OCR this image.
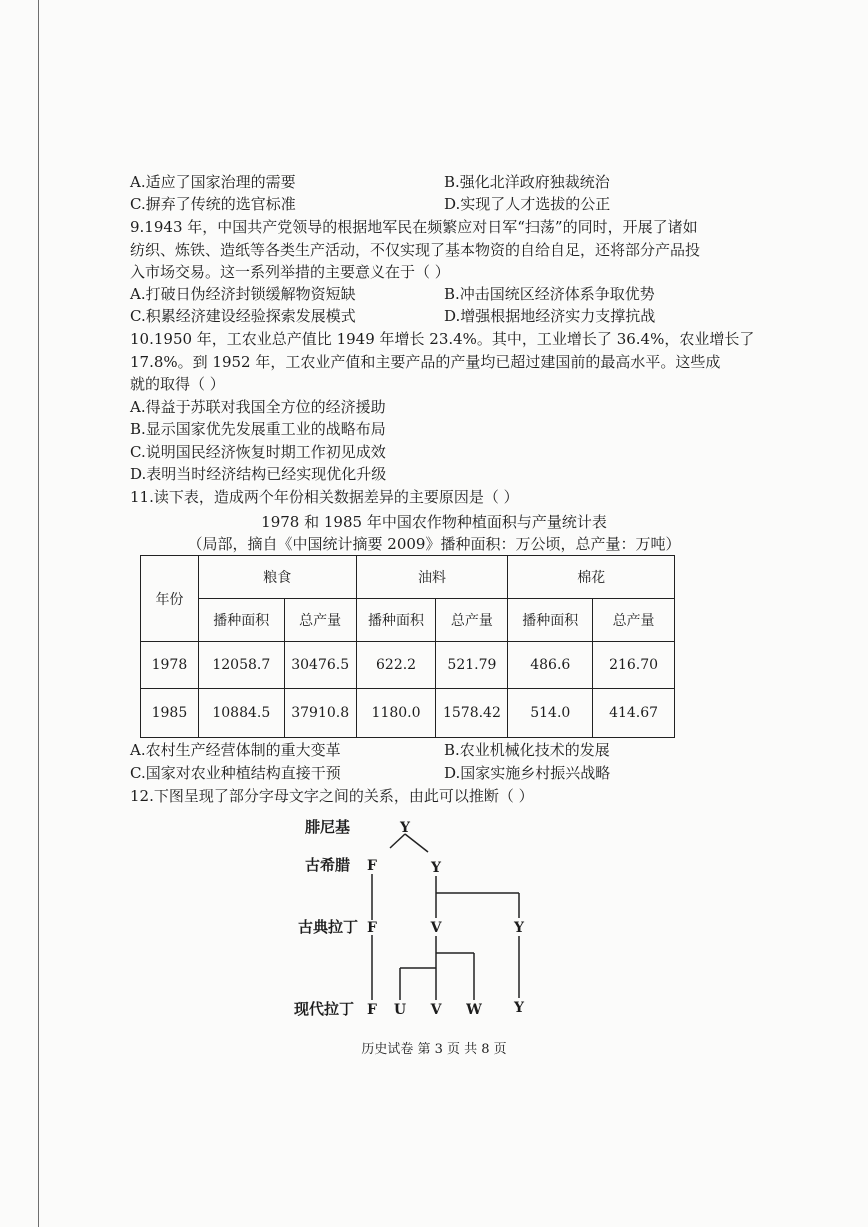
A.适应了国家治理的需要	B.强化北洋政府独裁统治
C.摒弃了传统的选官标准	D.实现了人才选拔的公正
9.1943 年，中国共产党领导的根据地军民在频繁应对日军“扫荡”的同时，开展了诸如
纺织、炼铁、造纸等各类生产活动，不仅实现了基本物资的自给自足，还将部分产品投
入市场交易。这一系列举措的主要意义在于（ ）
A.打破日伪经济封锁缓解物资短缺	B.冲击国统区经济体系争取优势
C.积累经济建设经验探索发展模式	D.增强根据地经济实力支撑抗战
10.1950 年，工农业总产值比 1949 年增长 23.4%。其中，工业增长了 36.4%，农业增长了
17.8%。到 1952 年，工农业产值和主要产品的产量均已超过建国前的最高水平。这些成
就的取得（ ）
A.得益于苏联对我国全方位的经济援助
B.显示国家优先发展重工业的战略布局
C.说明国民经济恢复时期工作初见成效
D.表明当时经济结构已经实现优化升级
11.读下表，造成两个年份相关数据差异的主要原因是（ ）
1978 和 1985 年中国农作物种植面积与产量统计表
（局部，摘自《中国统计摘要 2009》播种面积：万公顷，总产量：万吨）
年份	粮食		油料		棉花	
	播种面积	总产量	播种面积	总产量	播种面积	总产量
1978	12058.7	30476.5	622.2	521.79	486.6	216.70
1985	10884.5	37910.8	1180.0	1578.42	514.0	414.67
A.农村生产经营体制的重大变革	B.农业机械化技术的发展
C.国家对农业种植结构直接干预	D.国家实施乡村振兴战略
12.下图呈现了部分字母文字之间的关系，由此可以推断（ ）
腓尼基
古希腊
古典拉丁
现代拉丁
Y
F	Y
F	V	Y
F U V W Y
历史试卷 第 3 页 共 8 页
